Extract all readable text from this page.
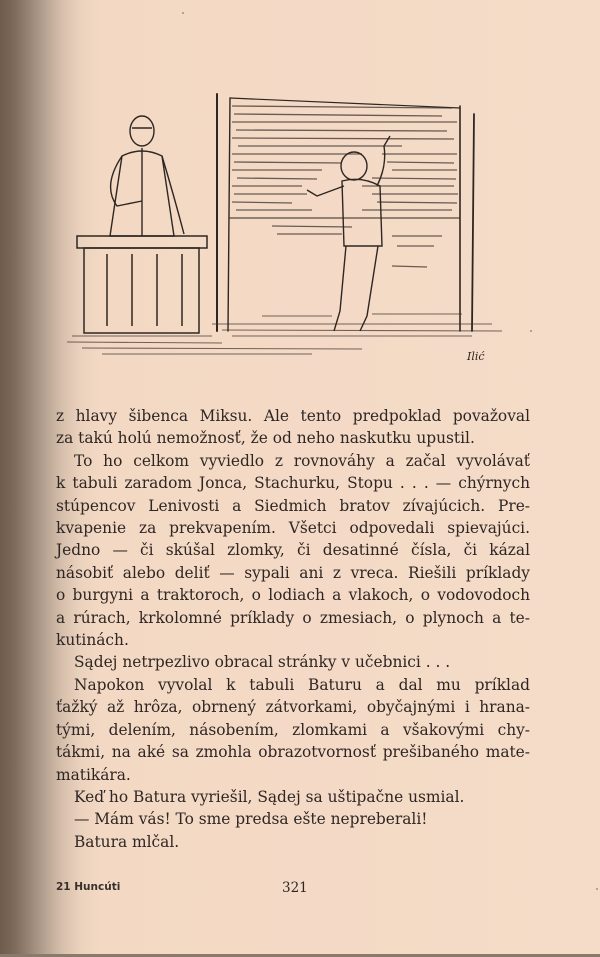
Ilić
z hlavy šibenca Miksu. Ale tento predpoklad považoval
za takú holú nemožnosť, že od neho naskutku upustil.
To ho celkom vyviedlo z rovnováhy a začal vyvolávať
k tabuli zaradom Jonca, Stachurku, Stopu . . . — chýrnych
stúpencov Lenivosti a Siedmich bratov zívajúcich. Pre-
kvapenie za prekvapením. Všetci odpovedali spievajúci.
Jedno — či skúšal zlomky, či desatinné čísla, či kázal
násobiť alebo deliť — sypali ani z vreca. Riešili príklady
o burgyni a traktoroch, o lodiach a vlakoch, o vodovodoch
a rúrach, krkolomné príklady o zmesiach, o plynoch a te-
kutinách.
Sądej netrpezlivo obracal stránky v učebnici . . .
Napokon vyvolal k tabuli Baturu a dal mu príklad
ťažký až hrôza, obrnený zátvorkami, obyčajnými i hrana-
tými, delením, násobením, zlomkami a všakovými chy-
tákmi, na aké sa zmohla obrazotvornosť prešibaného mate-
matikára.
Keď ho Batura vyriešil, Sądej sa uštipačne usmial.
— Mám vás! To sme predsa ešte nepreberali!
Batura mlčal.
21 Huncúti	321
